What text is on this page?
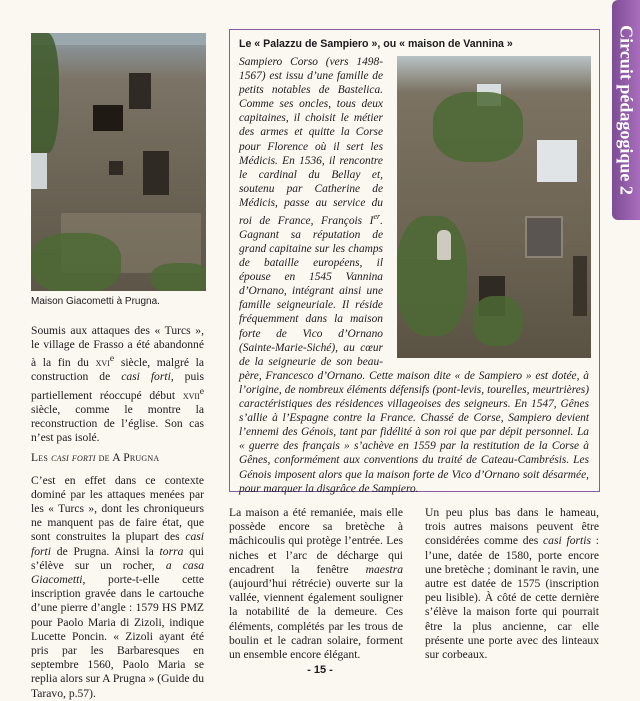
Circuit pédagogique 2
Maison Giacometti à Prugna.

Soumis aux attaques des « Turcs », le village de Frasso a été abandonné à la fin du xvi$^e$ siècle, malgré la construction de casi forti, puis partiellement réoccupé début xvii$^e$ siècle, comme le montre la reconstruction de l’église. Son cas n’est pas isolé.

Les casi forti de A Prugna

C’est en effet dans ce contexte dominé par les attaques menées par les « Turcs », dont les chroniqueurs ne manquent pas de faire état, que sont construites la plupart des casi forti de Prugna. Ainsi la torra qui s’élève sur un rocher, a casa Giacometti, porte-t-elle cette inscription gravée dans le cartouche d’une pierre d’angle : 1579 HS PMZ pour Paolo Maria di Zizoli, indique Lucette Poncin. « Zizoli ayant été pris par les Barbaresques en septembre 1560, Paolo Maria se replia alors sur A Prugna » (Guide du Taravo, p.57).

Le « Palazzu de Sampiero », ou « maison de Vannina »
Sampiero Corso (vers 1498-1567) est issu d’une famille de petits notables de Bastelica. Comme ses oncles, tous deux capitaines, il choisit le métier des armes et quitte la Corse pour Florence où il sert les Médicis. En 1536, il rencontre le cardinal du Bellay et, soutenu par Catherine de Médicis, passe au service du roi de France, François Ier. Gagnant sa réputation de grand capitaine sur les champs de bataille européens, il épouse en 1545 Vannina d’Ornano, intégrant ainsi une famille seigneuriale. Il réside fréquemment dans la maison forte de Vico d’Ornano (Sainte-Marie-Siché), au cœur de la seigneurie de son beau-père, Francesco d’Ornano. Cette maison dite « de Sampiero » est dotée, à l’origine, de nombreux éléments défensifs (pont-levis, tourelles, meurtrières) caractéristiques des résidences villageoises des seigneurs. En 1547, Gênes s’allie à l’Espagne contre la France. Chassé de Corse, Sampiero devient l’ennemi des Génois, tant par fidélité à son roi que par dépit personnel. La « guerre des français » s’achève en 1559 par la restitution de la Corse à Gênes, conformément aux conventions du traité de Cateau-Cambrésis. Les Génois imposent alors que la maison forte de Vico d’Ornano soit désarmée, pour marquer la disgrâce de Sampiero.

La maison a été remaniée, mais elle possède encore sa bretèche à mâchicoulis qui protège l’entrée. Les niches et l’arc de décharge qui encadrent la fenêtre maestra (aujourd’hui rétrécie) ouverte sur la vallée, viennent également souligner la notabilité de la demeure. Ces éléments, complétés par les trous de boulin et le cadran solaire, forment un ensemble encore élégant.

Un peu plus bas dans le hameau, trois autres maisons peuvent être considérées comme des casi fortis : l’une, datée de 1580, porte encore une bretèche ; dominant le ravin, une autre est datée de 1575 (inscription peu lisible). À côté de cette dernière s’élève la maison forte qui pourrait être la plus ancienne, car elle présente une porte avec des linteaux sur corbeaux.

- 15 -
